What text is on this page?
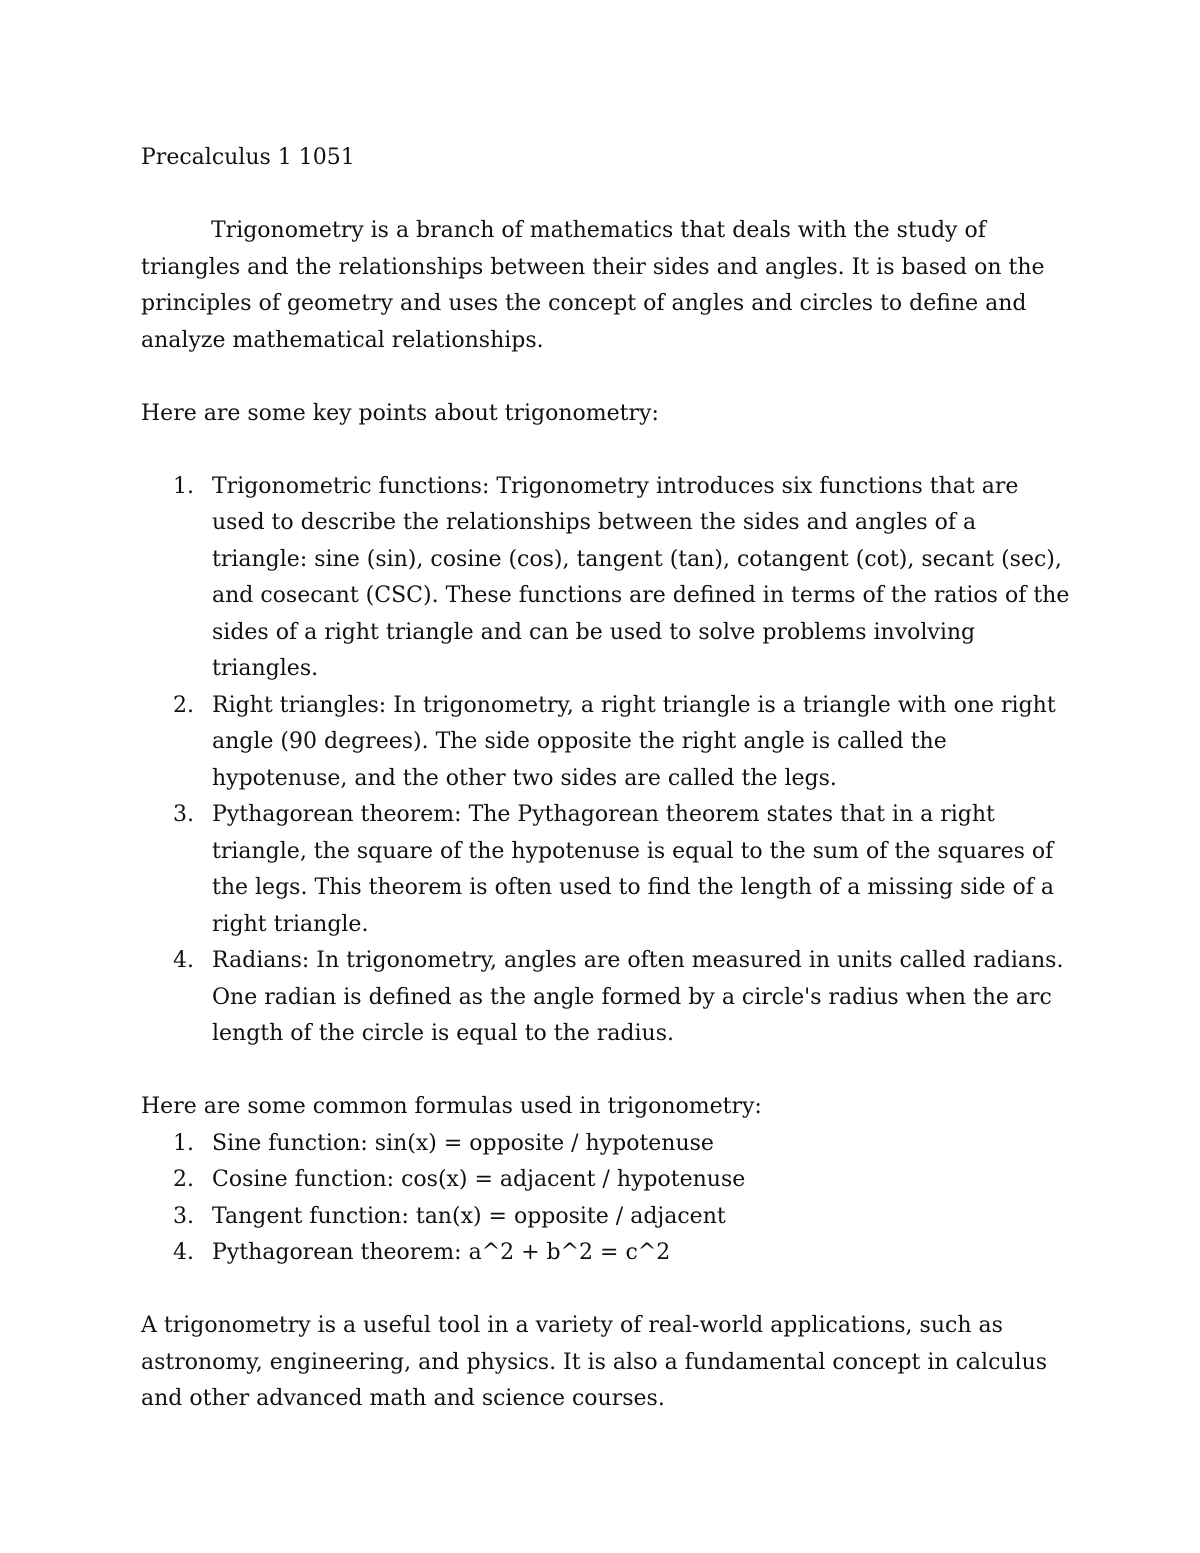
Precalculus 1 1051

Trigonometry is a branch of mathematics that deals with the study of triangles and the relationships between their sides and angles. It is based on the principles of geometry and uses the concept of angles and circles to define and analyze mathematical relationships.

Here are some key points about trigonometry:

1. Trigonometric functions: Trigonometry introduces six functions that are used to describe the relationships between the sides and angles of a triangle: sine (sin), cosine (cos), tangent (tan), cotangent (cot), secant (sec), and cosecant (CSC). These functions are defined in terms of the ratios of the sides of a right triangle and can be used to solve problems involving triangles.
2. Right triangles: In trigonometry, a right triangle is a triangle with one right angle (90 degrees). The side opposite the right angle is called the hypotenuse, and the other two sides are called the legs.
3. Pythagorean theorem: The Pythagorean theorem states that in a right triangle, the square of the hypotenuse is equal to the sum of the squares of the legs. This theorem is often used to find the length of a missing side of a right triangle.
4. Radians: In trigonometry, angles are often measured in units called radians. One radian is defined as the angle formed by a circle's radius when the arc length of the circle is equal to the radius.

Here are some common formulas used in trigonometry:

1. Sine function: sin(x) = opposite / hypotenuse
2. Cosine function: cos(x) = adjacent / hypotenuse
3. Tangent function: tan(x) = opposite / adjacent
4. Pythagorean theorem: a^2 + b^2 = c^2

A trigonometry is a useful tool in a variety of real-world applications, such as astronomy, engineering, and physics. It is also a fundamental concept in calculus and other advanced math and science courses.
